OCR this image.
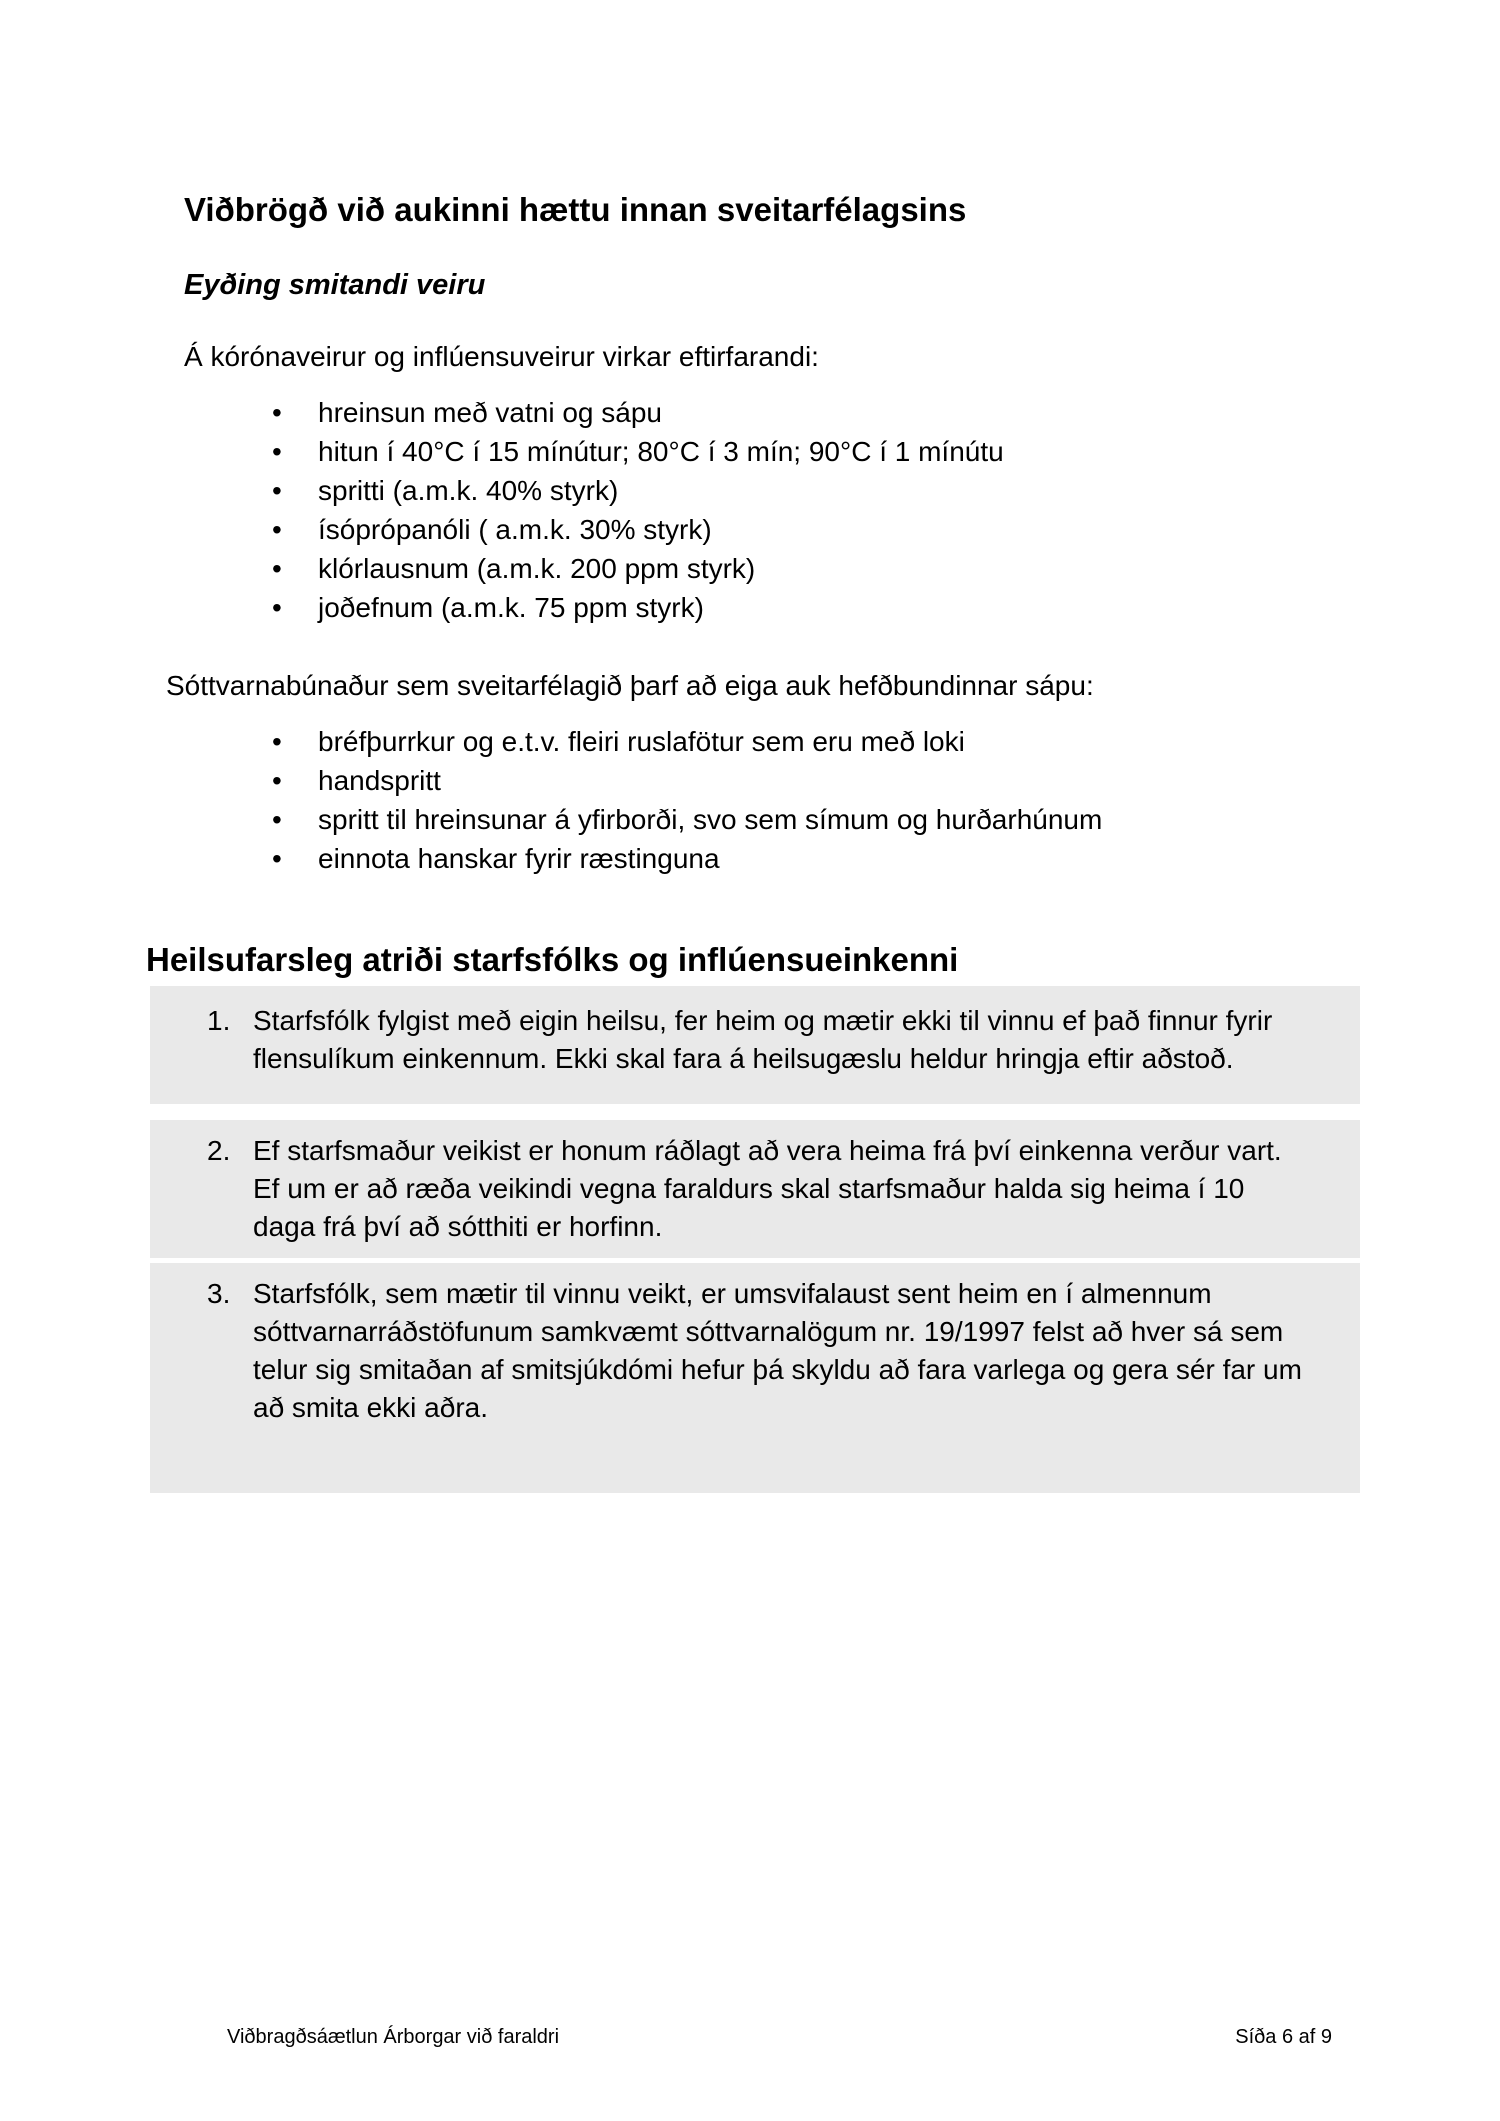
Viðbrögð við aukinni hættu innan sveitarfélagsins
Eyðing smitandi veiru
Á kórónaveirur og inflúensuveirur virkar eftirfarandi:
•	hreinsun með vatni og sápu
•	hitun í 40°C í 15 mínútur; 80°C í 3 mín; 90°C í 1 mínútu
•	spritti (a.m.k. 40% styrk)
•	ísóprópanóli ( a.m.k. 30% styrk)
•	klórlausnum (a.m.k. 200 ppm styrk)
•	joðefnum (a.m.k. 75 ppm styrk)
Sóttvarnabúnaður sem sveitarfélagið þarf að eiga auk hefðbundinnar sápu:
•	bréfþurrkur og e.t.v. fleiri ruslafötur sem eru með loki
•	handspritt
•	spritt til hreinsunar á yfirborði, svo sem símum og hurðarhúnum
•	einnota hanskar fyrir ræstinguna
Heilsufarsleg atriði starfsfólks og inflúensueinkenni
1. Starfsfólk fylgist með eigin heilsu, fer heim og mætir ekki til vinnu ef það finnur fyrir flensulíkum einkennum. Ekki skal fara á heilsugæslu heldur hringja eftir aðstoð.
2. Ef starfsmaður veikist er honum ráðlagt að vera heima frá því einkenna verður vart. Ef um er að ræða veikindi vegna faraldurs skal starfsmaður halda sig heima í 10 daga frá því að sótthiti er horfinn.
3. Starfsfólk, sem mætir til vinnu veikt, er umsvifalaust sent heim en í almennum sóttvarnarráðstöfunum samkvæmt sóttvarnalögum nr. 19/1997 felst að hver sá sem telur sig smitaðan af smitsjúkdómi hefur þá skyldu að fara varlega og gera sér far um að smita ekki aðra.
Viðbragðsáætlun Árborgar við faraldri	Síða 6 af 9
